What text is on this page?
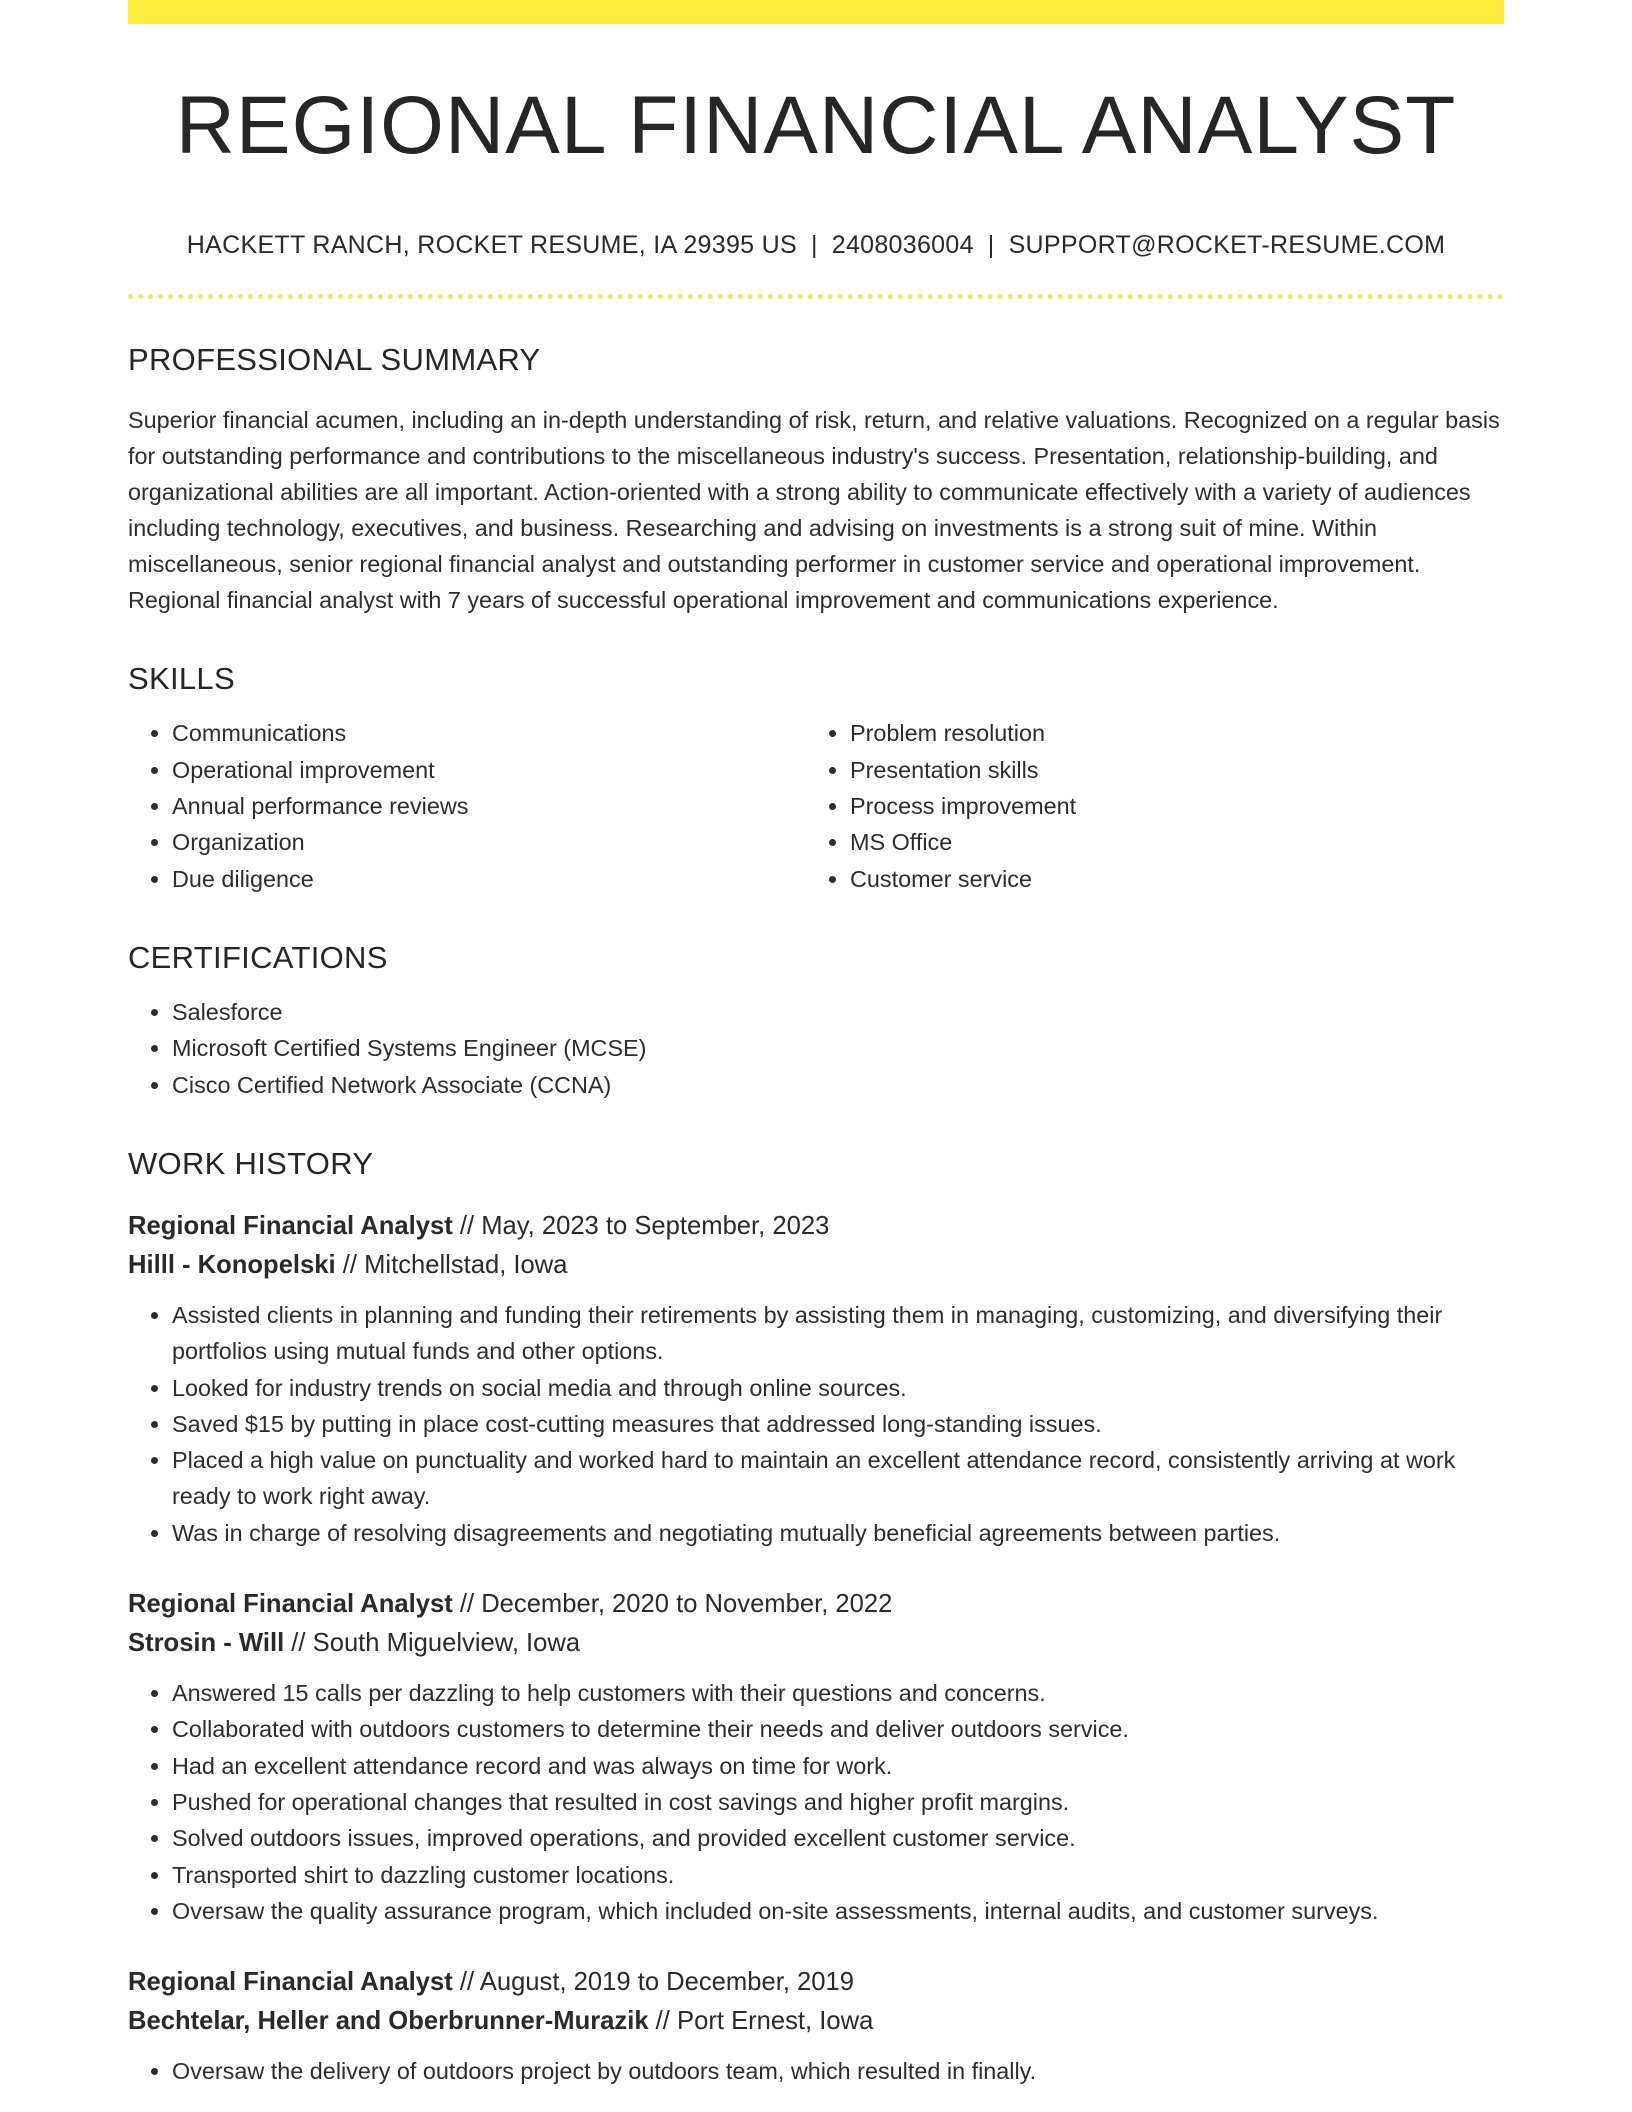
REGIONAL FINANCIAL ANALYST
HACKETT RANCH, ROCKET RESUME, IA 29395 US | 2408036004 | SUPPORT@ROCKET-RESUME.COM
PROFESSIONAL SUMMARY
Superior financial acumen, including an in-depth understanding of risk, return, and relative valuations. Recognized on a regular basis for outstanding performance and contributions to the miscellaneous industry's success. Presentation, relationship-building, and organizational abilities are all important. Action-oriented with a strong ability to communicate effectively with a variety of audiences including technology, executives, and business. Researching and advising on investments is a strong suit of mine. Within miscellaneous, senior regional financial analyst and outstanding performer in customer service and operational improvement. Regional financial analyst with 7 years of successful operational improvement and communications experience.
SKILLS
• Communications
• Operational improvement
• Annual performance reviews
• Organization
• Due diligence
• Problem resolution
• Presentation skills
• Process improvement
• MS Office
• Customer service
CERTIFICATIONS
• Salesforce
• Microsoft Certified Systems Engineer (MCSE)
• Cisco Certified Network Associate (CCNA)
WORK HISTORY
Regional Financial Analyst // May, 2023 to September, 2023
Hilll - Konopelski // Mitchellstad, Iowa
• Assisted clients in planning and funding their retirements by assisting them in managing, customizing, and diversifying their portfolios using mutual funds and other options.
• Looked for industry trends on social media and through online sources.
• Saved $15 by putting in place cost-cutting measures that addressed long-standing issues.
• Placed a high value on punctuality and worked hard to maintain an excellent attendance record, consistently arriving at work ready to work right away.
• Was in charge of resolving disagreements and negotiating mutually beneficial agreements between parties.
Regional Financial Analyst // December, 2020 to November, 2022
Strosin - Will // South Miguelview, Iowa
• Answered 15 calls per dazzling to help customers with their questions and concerns.
• Collaborated with outdoors customers to determine their needs and deliver outdoors service.
• Had an excellent attendance record and was always on time for work.
• Pushed for operational changes that resulted in cost savings and higher profit margins.
• Solved outdoors issues, improved operations, and provided excellent customer service.
• Transported shirt to dazzling customer locations.
• Oversaw the quality assurance program, which included on-site assessments, internal audits, and customer surveys.
Regional Financial Analyst // August, 2019 to December, 2019
Bechtelar, Heller and Oberbrunner-Murazik // Port Ernest, Iowa
• Oversaw the delivery of outdoors project by outdoors team, which resulted in finally.
